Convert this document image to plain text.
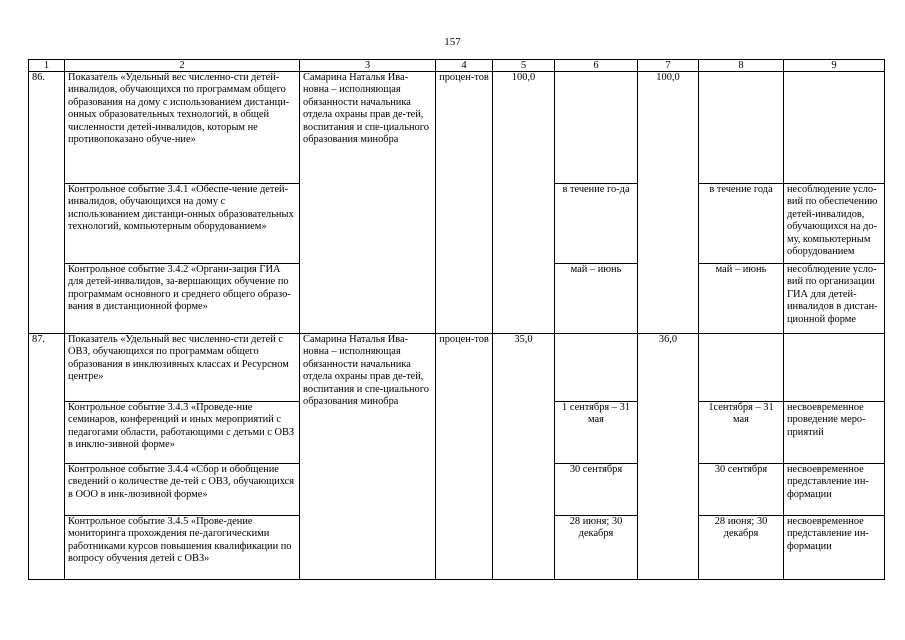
157
1	2	3	4	5	6	7	8	9
86.	Показатель «Удельный вес численно-сти детей-инвалидов, обучающихся по программам общего образования на дому с использованием дистанци-онных образовательных технологий, в общей численности детей-инвалидов, которым не противопоказано обуче-ние»	Самарина Наталья Ива-новна – исполняющая обязанности начальника отдела охраны прав де-тей, воспитания и спе-циального образования минобра	процен-тов	100,0		100,0		
	Контрольное событие 3.4.1 «Обеспе-чение детей-инвалидов, обучающихся на дому с использованием дистанци-онных образовательных технологий, компьютерным оборудованием»				в течение го-да		в течение года	несоблюдение усло-вий по обеспечению детей-инвалидов, обучающихся на до-му, компьютерным оборудованием
	Контрольное событие 3.4.2 «Органи-зация ГИА для детей-инвалидов, за-вершающих обучение по программам основного и среднего общего образо-вания в дистанционной форме»				май – июнь		май – июнь	несоблюдение усло-вий по организации ГИА для детей-инвалидов в дистан-ционной форме
87.	Показатель «Удельный вес численно-сти детей с ОВЗ, обучающихся по программам общего образования в инклюзивных классах и Ресурсном центре»	Самарина Наталья Ива-новна – исполняющая обязанности начальника отдела охраны прав де-тей, воспитания и спе-циального образования минобра	процен-тов	35,0		36,0		
	Контрольное событие 3.4.3 «Проведе-ние семинаров, конференций и иных мероприятий с педагогами области, работающими с детьми с ОВЗ в инклю-зивной форме»				1 сентября – 31 мая		1сентября – 31 мая	несвоевременное проведение меро-приятий
	Контрольное событие 3.4.4 «Сбор и обобщение сведений о количестве де-тей с ОВЗ, обучающихся в ООО в инк-люзивной форме»				30 сентября		30 сентября	несвоевременное представление ин-формации
	Контрольное событие 3.4.5 «Прове-дение мониторинга прохождения пе-дагогическими работниками курсов повышения квалификации по вопросу обучения детей с ОВЗ»				28 июня; 30 декабря		28 июня; 30 декабря	несвоевременное представление ин-формации
